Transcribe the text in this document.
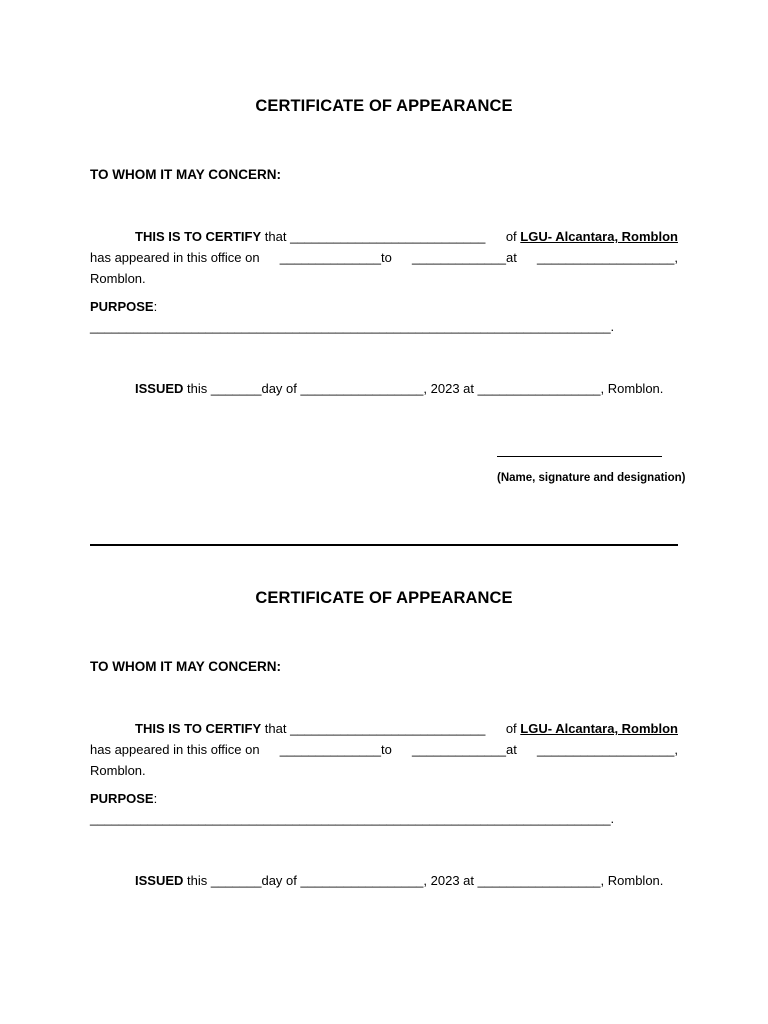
CERTIFICATE OF APPEARANCE

TO WHOM IT MAY CONCERN:

THIS IS TO CERTIFY that ___________________________ of LGU- Alcantara, Romblon
has appeared in this office on ______________to _____________at ___________________,
Romblon.
PURPOSE:
________________________________________________________________________.
ISSUED this _______day of _________________, 2023 at _________________, Romblon.
(Name, signature and designation)
CERTIFICATE OF APPEARANCE

TO WHOM IT MAY CONCERN:

THIS IS TO CERTIFY that ___________________________ of LGU- Alcantara, Romblon
has appeared in this office on ______________to _____________at ___________________,
Romblon.
PURPOSE:
________________________________________________________________________.
ISSUED this _______day of _________________, 2023 at _________________, Romblon.
